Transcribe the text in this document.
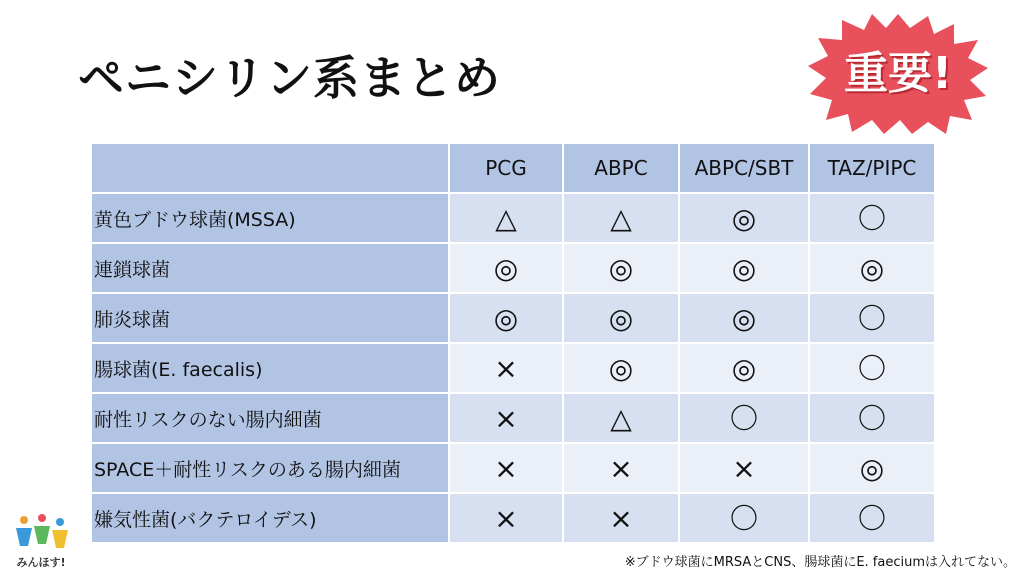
ペニシリン系まとめ	重要!
	PCG	ABPC	ABPC/SBT	TAZ/PIPC
黄色ブドウ球菌(MSSA)	△	△	◎	〇
連鎖球菌	◎	◎	◎	◎
肺炎球菌	◎	◎	◎	〇
腸球菌(E. faecalis)	×	◎	◎	〇
耐性リスクのない腸内細菌	×	△	〇	〇
SPACE＋耐性リスクのある腸内細菌	×	×	×	◎
嫌気性菌(バクテロイデス)	×	×	〇	〇
※ブドウ球菌にMRSAとCNS、腸球菌にE. faeciumは入れてない。
みんほす!
